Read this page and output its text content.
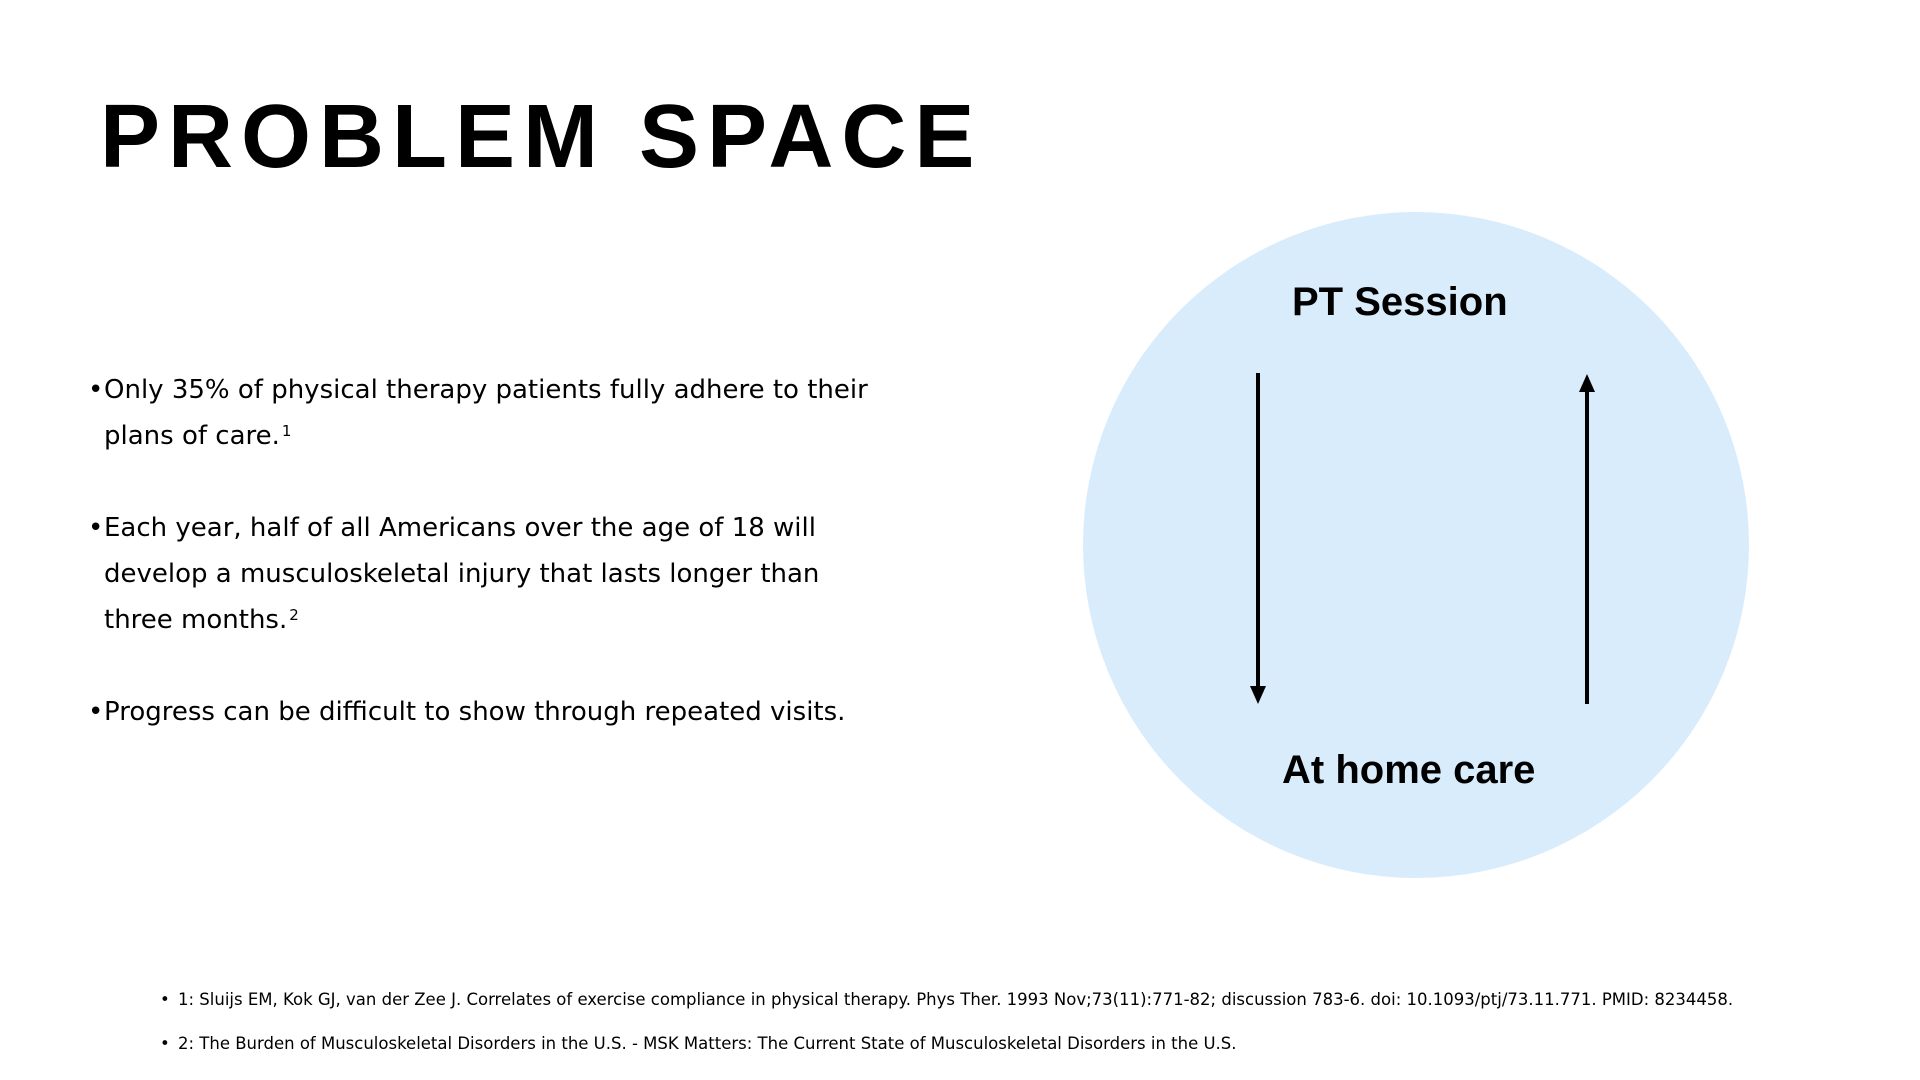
PROBLEM SPACE
• Only 35% of physical therapy patients fully adhere to their plans of care. $^1$
• Each year, half of all Americans over the age of 18 will develop a musculoskeletal injury that lasts longer than three months. $^2$
• Progress can be difficult to show through repeated visits.
PT Session
At home care
• 1: Sluijs EM, Kok GJ, van der Zee J. Correlates of exercise compliance in physical therapy. Phys Ther. 1993 Nov;73(11):771-82; discussion 783-6. doi: 10.1093/ptj/73.11.771. PMID: 8234458.
• 2: The Burden of Musculoskeletal Disorders in the U.S. - MSK Matters: The Current State of Musculoskeletal Disorders in the U.S.
